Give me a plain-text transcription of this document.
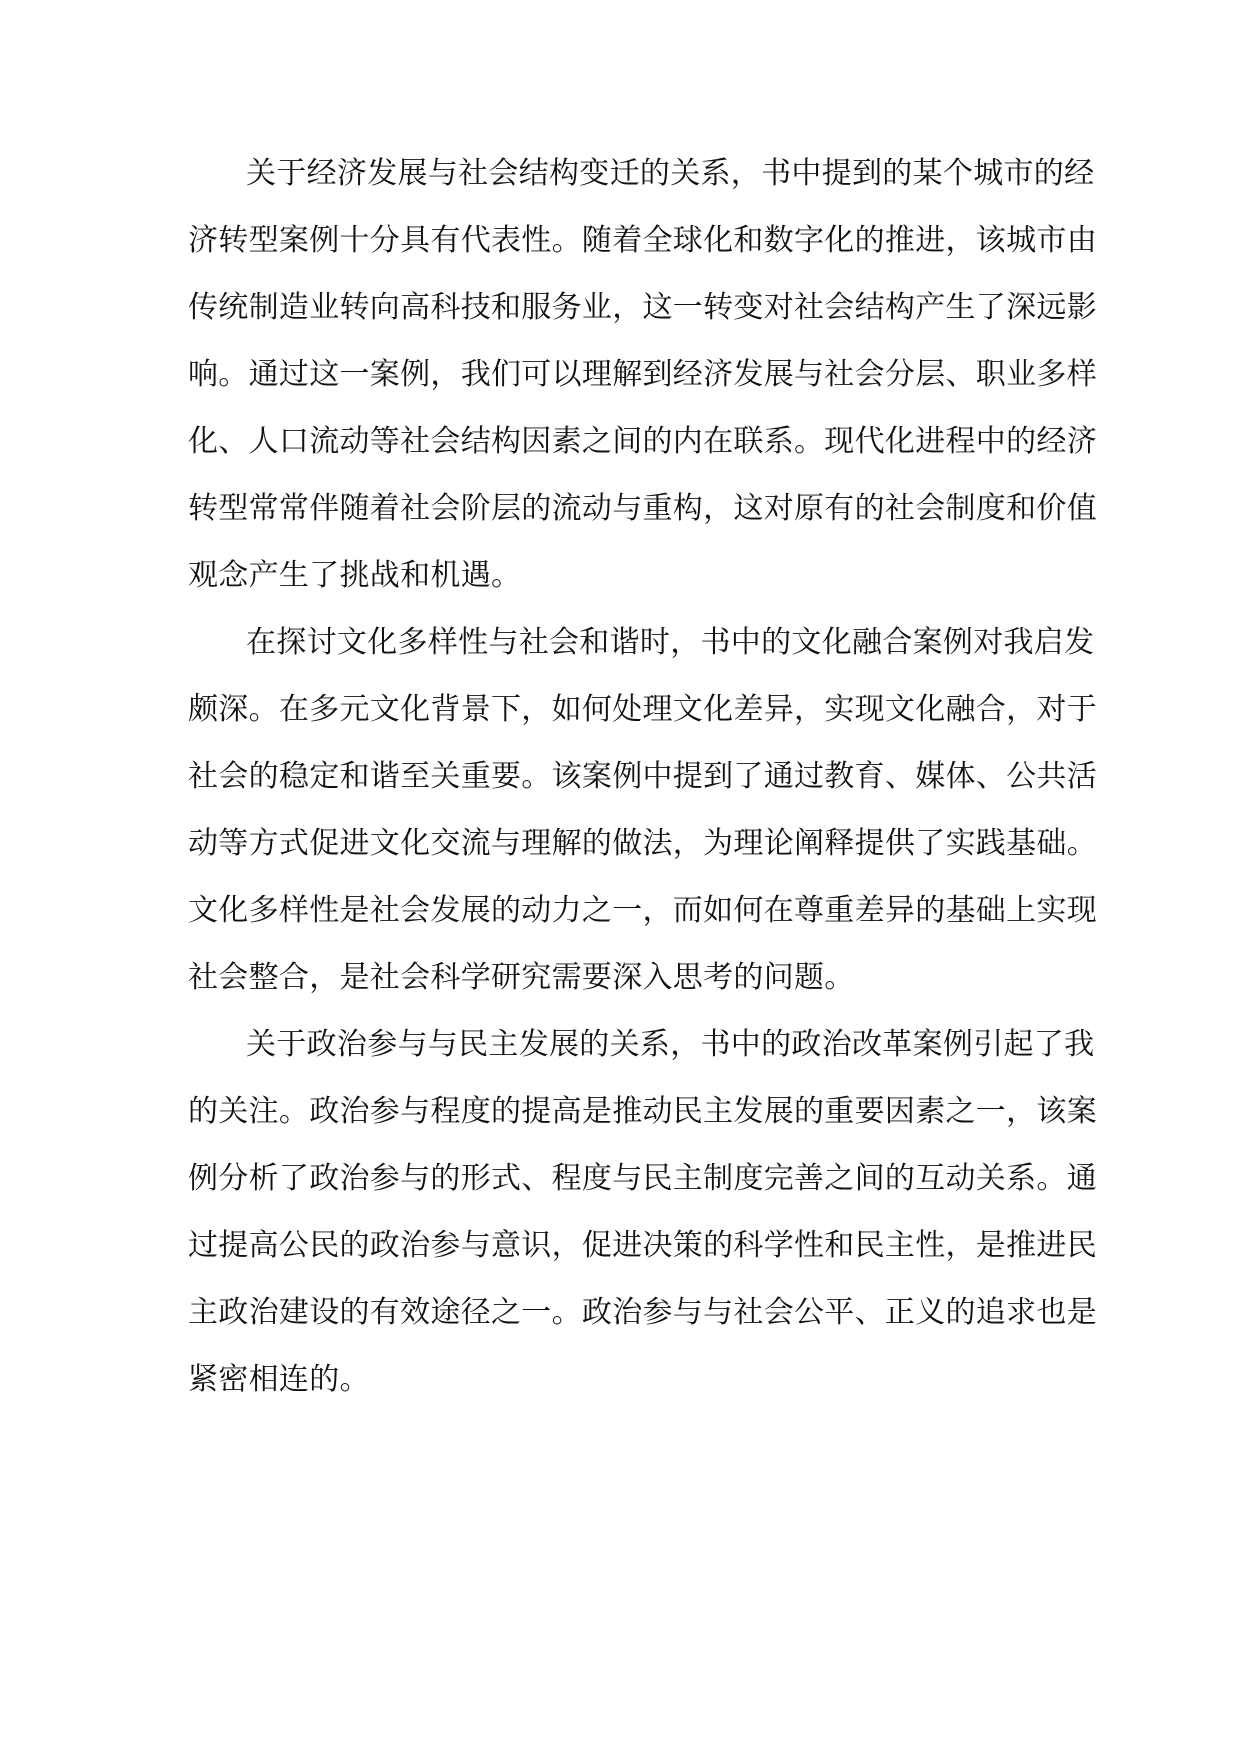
关于经济发展与社会结构变迁的关系，书中提到的某个城市的经
济转型案例十分具有代表性。随着全球化和数字化的推进，该城市由
传统制造业转向高科技和服务业，这一转变对社会结构产生了深远影
响。通过这一案例，我们可以理解到经济发展与社会分层、职业多样
化、人口流动等社会结构因素之间的内在联系。现代化进程中的经济
转型常常伴随着社会阶层的流动与重构，这对原有的社会制度和价值
观念产生了挑战和机遇。
在探讨文化多样性与社会和谐时，书中的文化融合案例对我启发
颇深。在多元文化背景下，如何处理文化差异，实现文化融合，对于
社会的稳定和谐至关重要。该案例中提到了通过教育、媒体、公共活
动等方式促进文化交流与理解的做法，为理论阐释提供了实践基础。
文化多样性是社会发展的动力之一，而如何在尊重差异的基础上实现
社会整合，是社会科学研究需要深入思考的问题。
关于政治参与与民主发展的关系，书中的政治改革案例引起了我
的关注。政治参与程度的提高是推动民主发展的重要因素之一，该案
例分析了政治参与的形式、程度与民主制度完善之间的互动关系。通
过提高公民的政治参与意识，促进决策的科学性和民主性，是推进民
主政治建设的有效途径之一。政治参与与社会公平、正义的追求也是
紧密相连的。
